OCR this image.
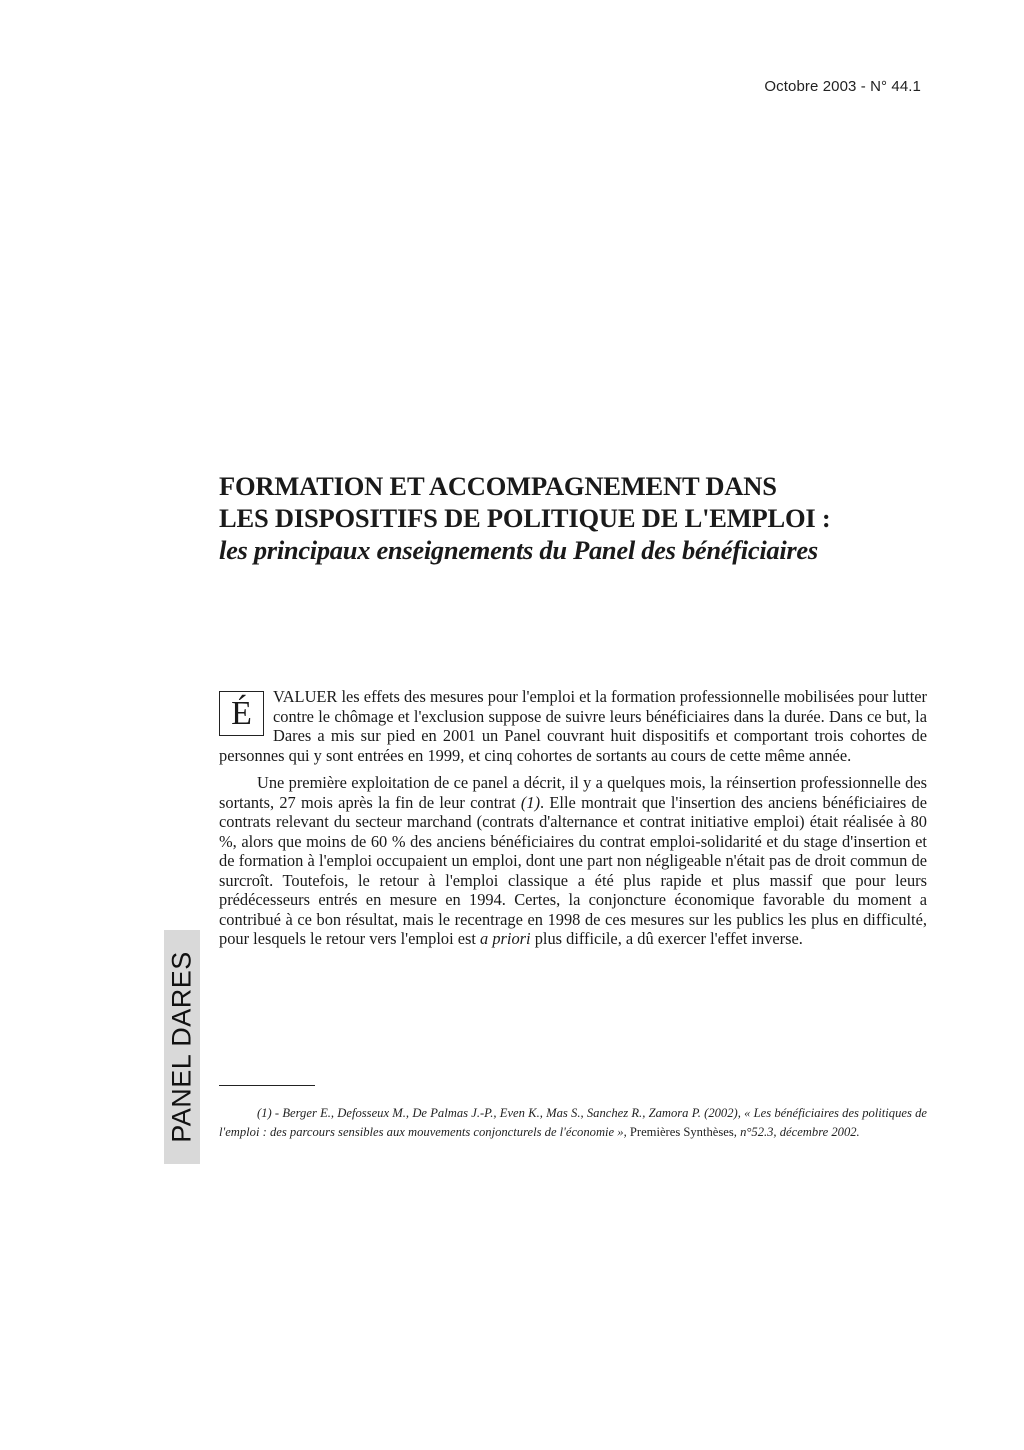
Octobre 2003 - N° 44.1
FORMATION ET ACCOMPAGNEMENT DANS
LES DISPOSITIFS DE POLITIQUE DE L'EMPLOI :
les principaux enseignements du Panel des bénéficiaires
PANEL DARES

É	VALUER les effets des mesures pour l'emploi et la formation professionnelle mobilisées pour lutter contre le chômage et l'exclusion suppose de suivre leurs bénéficiaires dans la durée. Dans ce but, la Dares a mis sur pied en 2001 un Panel couvrant huit dispositifs et comportant trois cohortes de personnes qui y sont entrées en 1999, et cinq cohortes de sortants au cours de cette même année.

Une première exploitation de ce panel a décrit, il y a quelques mois, la réinsertion professionnelle des sortants, 27 mois après la fin de leur contrat (1). Elle montrait que l'insertion des anciens bénéficiaires de contrats relevant du secteur marchand (contrats d'alternance et contrat initiative emploi) était réalisée à 80 %, alors que moins de 60 % des anciens bénéficiaires du contrat emploi-solidarité et du stage d'insertion et de formation à l'emploi occupaient un emploi, dont une part non négligeable n'était pas de droit commun de surcroît. Toutefois, le retour à l'emploi classique a été plus rapide et plus massif que pour leurs prédécesseurs entrés en mesure en 1994. Certes, la conjoncture économique favorable du moment a contribué à ce bon résultat, mais le recentrage en 1998 de ces mesures sur les publics les plus en difficulté, pour lesquels le retour vers l'emploi est a priori plus difficile, a dû exercer l'effet inverse.

(1) - Berger E., Defosseux M., De Palmas J.-P., Even K., Mas S., Sanchez R., Zamora P. (2002), « Les bénéficiaires des politiques de l'emploi : des parcours sensibles aux mouvements conjoncturels de l'économie », Premières Synthèses, n°52.3, décembre 2002.
